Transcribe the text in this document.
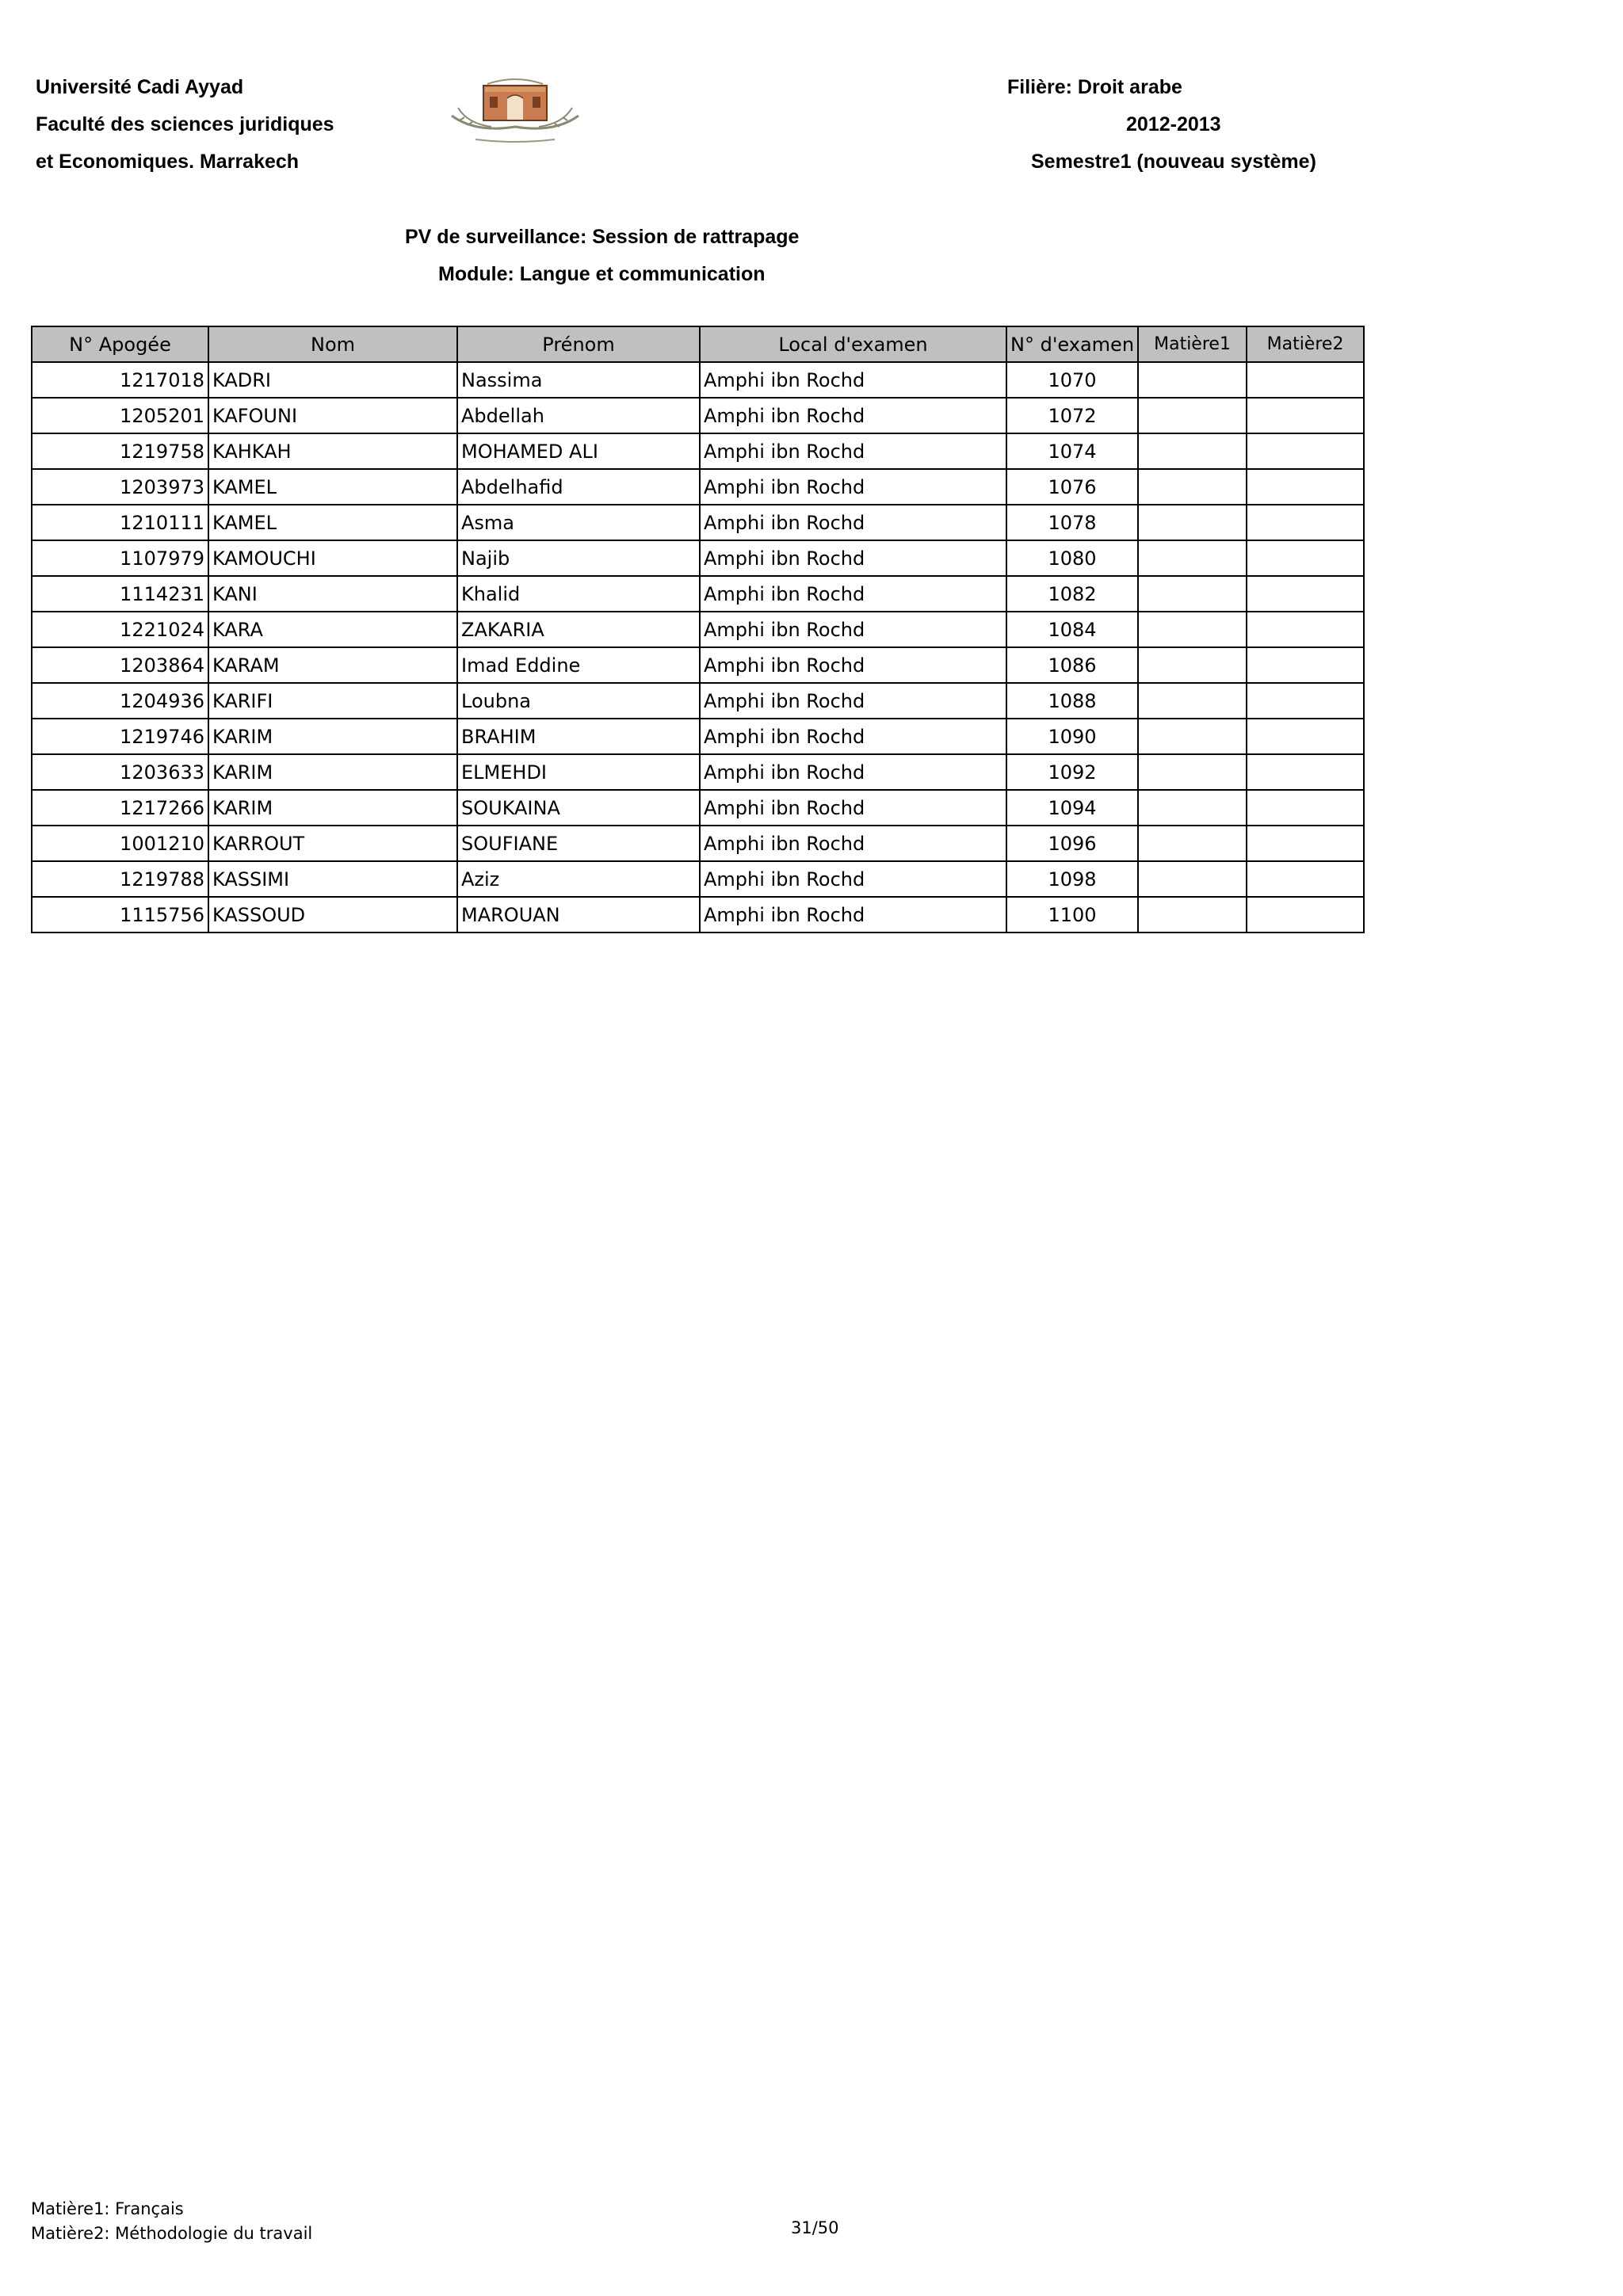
Université Cadi Ayyad
Faculté des sciences juridiques
et Economiques. Marrakech
Filière: Droit arabe
2012-2013
Semestre1 (nouveau système)
PV de surveillance: Session de rattrapage
Module: Langue et communication
N° Apogée	Nom	Prénom	Local d'examen	N° d'examen	Matière1	Matière2
1217018	KADRI	Nassima	Amphi ibn Rochd	1070		
1205201	KAFOUNI	Abdellah	Amphi ibn Rochd	1072		
1219758	KAHKAH	MOHAMED ALI	Amphi ibn Rochd	1074		
1203973	KAMEL	Abdelhafid	Amphi ibn Rochd	1076		
1210111	KAMEL	Asma	Amphi ibn Rochd	1078		
1107979	KAMOUCHI	Najib	Amphi ibn Rochd	1080		
1114231	KANI	Khalid	Amphi ibn Rochd	1082		
1221024	KARA	ZAKARIA	Amphi ibn Rochd	1084		
1203864	KARAM	Imad Eddine	Amphi ibn Rochd	1086		
1204936	KARIFI	Loubna	Amphi ibn Rochd	1088		
1219746	KARIM	BRAHIM	Amphi ibn Rochd	1090		
1203633	KARIM	ELMEHDI	Amphi ibn Rochd	1092		
1217266	KARIM	SOUKAINA	Amphi ibn Rochd	1094		
1001210	KARROUT	SOUFIANE	Amphi ibn Rochd	1096		
1219788	KASSIMI	Aziz	Amphi ibn Rochd	1098		
1115756	KASSOUD	MAROUAN	Amphi ibn Rochd	1100		
Matière1: Français
Matière2: Méthodologie du travail	31/50
